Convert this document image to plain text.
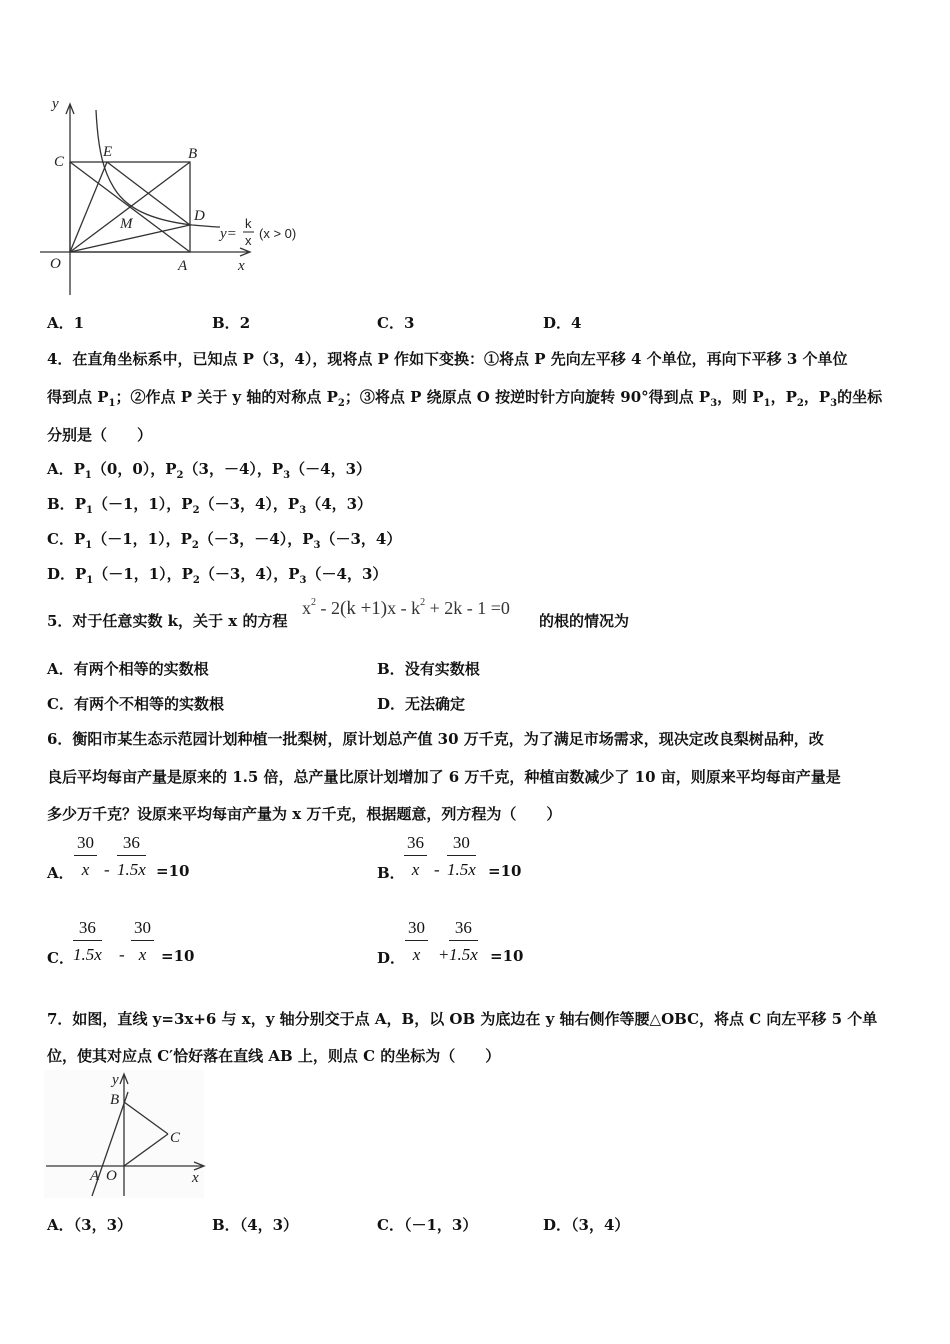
y
C
E	B
D
M
O	A	x
y=
k
x (x > 0)
A．1	B．2	C．3	D．4
4．在直角坐标系中，已知点 P（3，4），现将点 P 作如下变换：①将点 P 先向左平移 4 个单位，再向下平移 3 个单位
得到点 $P_1$；②作点 P 关于 y 轴的对称点 $P_2$；③将点 P 绕原点 O 按逆时针方向旋转 90°得到点 $P_3$，则 $P_1$，$P_2$，$P_3$的坐标
分别是（　　）
A．$P_1(0$，0），$P_2(3$，－4），$P_3(-4$，3）
B．$P_1(-1$，1），$P_2(-3$，4），$P_3(4$，3）
C．$P_1(-1$，1），$P_2(-3$，－4），$P_3(-3$，4）
D．$P_1(-1$，1），$P_2(-3$，4），$P_3(-4$，3）
5．对于任意实数 k，关于 x 的方程
$x^2 - 2(k +1)x - k^2 + 2k - 1 =0$
的根的情况为
A．有两个相等的实数根	B．没有实数根
C．有两个不相等的实数根	D．无法确定
6．衡阳市某生态示范园计划种植一批梨树，原计划总产值 30 万千克，为了满足市场需求，现决定改良梨树品种，改
良后平均每亩产量是原来的 1.5 倍，总产量比原计划增加了 6 万千克，种植亩数减少了 10 亩，则原来平均每亩产量是
多少万千克？设原来平均每亩产量为 x 万千克，根据题意，列方程为（　　）
A． $\frac{30}{x} - \frac{36}{1.5x} =10$	B． $\frac{36}{x} - \frac{30}{1.5x} =10$
C． $\frac{36}{1.5x} - \frac{30}{x} =10$	D． $\frac{30}{x} + \frac{36}{1.5x} =10$
7．如图，直线 y=3x+6 与 x，y 轴分别交于点 A，B，以 OB 为底边在 y 轴右侧作等腰△OBC，将点 C 向左平移 5 个单
位，使其对应点 C′恰好落在直线 AB 上，则点 C 的坐标为（　　）
y
B
C
A O	x
A．（3，3）	B．（4，3）	C．（－1，3）	D．（3，4）
